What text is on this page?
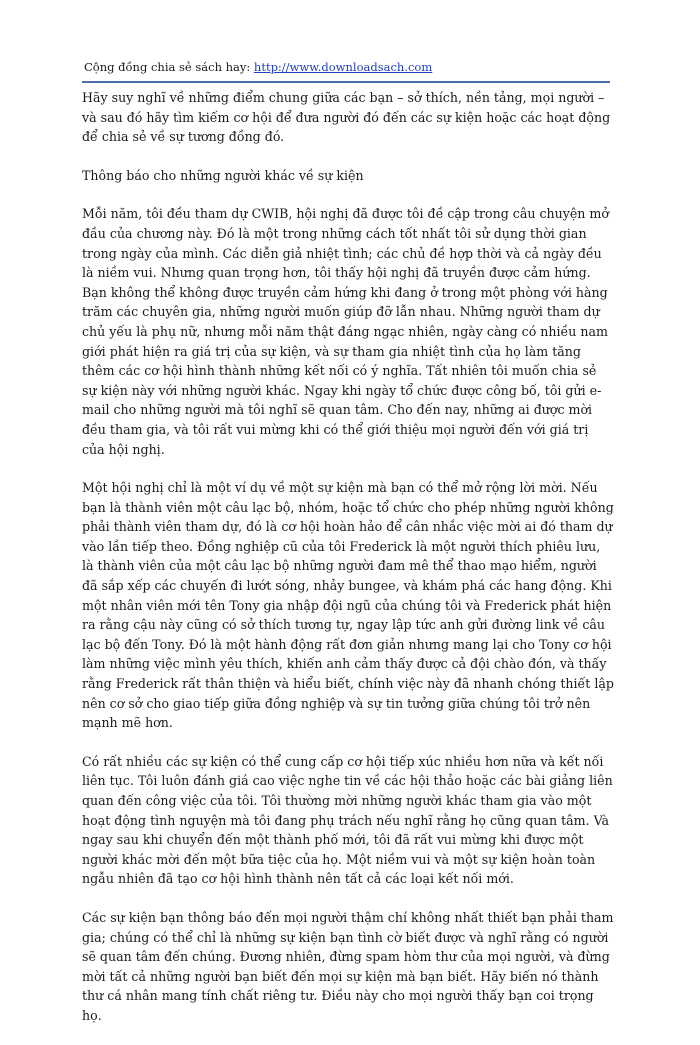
Cộng đồng chia sẻ sách hay: http://www.downloadsach.com

Hãy suy nghĩ về những điểm chung giữa các bạn – sở thích, nền tảng, mọi người – và sau đó hãy tìm kiếm cơ hội để đưa người đó đến các sự kiện hoặc các hoạt động để chia sẻ về sự tương đồng đó.

Thông báo cho những người khác về sự kiện

Mỗi năm, tôi đều tham dự CWIB, hội nghị đã được tôi đề cập trong câu chuyện mở đầu của chương này. Đó là một trong những cách tốt nhất tôi sử dụng thời gian trong ngày của mình. Các diễn giả nhiệt tình; các chủ đề hợp thời và cả ngày đều là niềm vui. Nhưng quan trọng hơn, tôi thấy hội nghị đã truyền được cảm hứng. Bạn không thể không được truyền cảm hứng khi đang ở trong một phòng với hàng trăm các chuyên gia, những người muốn giúp đỡ lẫn nhau. Những người tham dự chủ yếu là phụ nữ, nhưng mỗi năm thật đáng ngạc nhiên, ngày càng có nhiều nam giới phát hiện ra giá trị của sự kiện, và sự tham gia nhiệt tình của họ làm tăng thêm các cơ hội hình thành những kết nối có ý nghĩa. Tất nhiên tôi muốn chia sẻ sự kiện này với những người khác. Ngay khi ngày tổ chức được công bố, tôi gửi e-mail cho những người mà tôi nghĩ sẽ quan tâm. Cho đến nay, những ai được mời đều tham gia, và tôi rất vui mừng khi có thể giới thiệu mọi người đến với giá trị của hội nghị.

Một hội nghị chỉ là một ví dụ về một sự kiện mà bạn có thể mở rộng lời mời. Nếu bạn là thành viên một câu lạc bộ, nhóm, hoặc tổ chức cho phép những người không phải thành viên tham dự, đó là cơ hội hoàn hảo để cân nhắc việc mời ai đó tham dự vào lần tiếp theo. Đồng nghiệp cũ của tôi Frederick là một người thích phiêu lưu, là thành viên của một câu lạc bộ những người đam mê thể thao mạo hiểm, người đã sắp xếp các chuyến đi lướt sóng, nhảy bungee, và khám phá các hang động. Khi một nhân viên mới tên Tony gia nhập đội ngũ của chúng tôi và Frederick phát hiện ra rằng cậu này cũng có sở thích tương tự, ngay lập tức anh gửi đường link về câu lạc bộ đến Tony. Đó là một hành động rất đơn giản nhưng mang lại cho Tony cơ hội làm những việc mình yêu thích, khiến anh cảm thấy được cả đội chào đón, và thấy rằng Frederick rất thân thiện và hiểu biết, chính việc này đã nhanh chóng thiết lập nên cơ sở cho giao tiếp giữa đồng nghiệp và sự tin tưởng giữa chúng tôi trở nên mạnh mẽ hơn.

Có rất nhiều các sự kiện có thể cung cấp cơ hội tiếp xúc nhiều hơn nữa và kết nối liên tục. Tôi luôn đánh giá cao việc nghe tin về các hội thảo hoặc các bài giảng liên quan đến công việc của tôi. Tôi thường mời những người khác tham gia vào một hoạt động tình nguyện mà tôi đang phụ trách nếu nghĩ rằng họ cũng quan tâm. Và ngay sau khi chuyển đến một thành phố mới, tôi đã rất vui mừng khi được một người khác mời đến một bữa tiệc của họ. Một niềm vui và một sự kiện hoàn toàn ngẫu nhiên đã tạo cơ hội hình thành nên tất cả các loại kết nối mới.

Các sự kiện bạn thông báo đến mọi người thậm chí không nhất thiết bạn phải tham gia; chúng có thể chỉ là những sự kiện bạn tình cờ biết được và nghĩ rằng có người sẽ quan tâm đến chúng. Đương nhiên, đừng spam hòm thư của mọi người, và đừng mời tất cả những người bạn biết đến mọi sự kiện mà bạn biết. Hãy biến nó thành thư cá nhân mang tính chất riêng tư. Điều này cho mọi người thấy bạn coi trọng họ.
